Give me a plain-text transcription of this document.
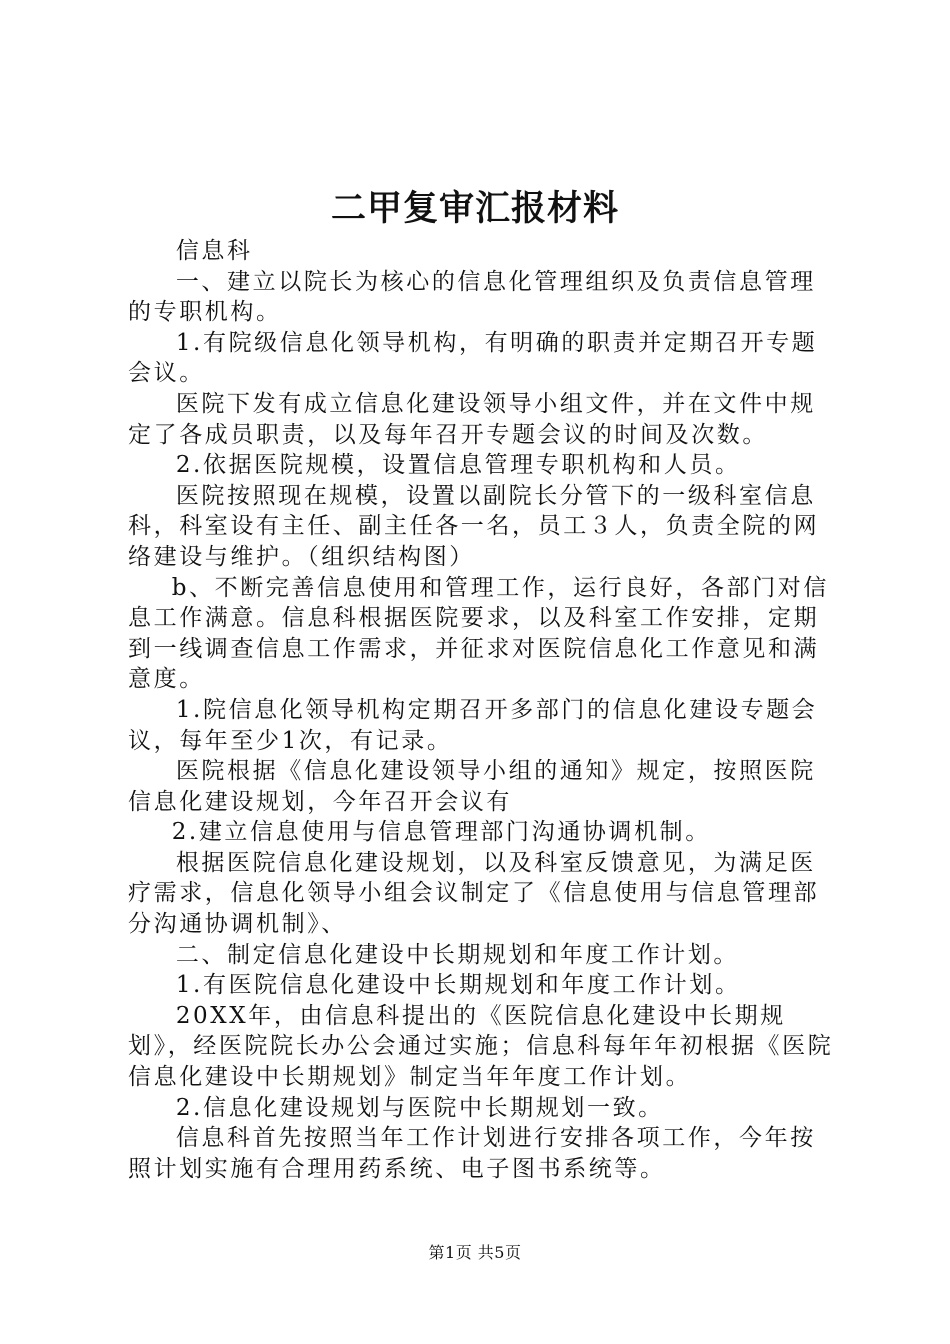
二甲复审汇报材料

信息科

一、建立以院长为核心的信息化管理组织及负责信息管理的专职机构。

1.有院级信息化领导机构，有明确的职责并定期召开专题会议。

医院下发有成立信息化建设领导小组文件，并在文件中规定了各成员职责，以及每年召开专题会议的时间及次数。

2.依据医院规模，设置信息管理专职机构和人员。

医院按照现在规模，设置以副院长分管下的一级科室信息科，科室设有主任、副主任各一名，员工３人，负责全院的网络建设与维护。（组织结构图）

b、不断完善信息使用和管理工作，运行良好，各部门对信息工作满意。信息科根据医院要求，以及科室工作安排，定期到一线调查信息工作需求，并征求对医院信息化工作意见和满意度。

1.院信息化领导机构定期召开多部门的信息化建设专题会议，每年至少1次，有记录。

医院根据《信息化建设领导小组的通知》规定，按照医院信息化建设规划，今年召开会议有

2.建立信息使用与信息管理部门沟通协调机制。

根据医院信息化建设规划，以及科室反馈意见，为满足医疗需求，信息化领导小组会议制定了《信息使用与信息管理部分沟通协调机制》、

二、制定信息化建设中长期规划和年度工作计划。

1.有医院信息化建设中长期规划和年度工作计划。

20XX年，由信息科提出的《医院信息化建设中长期规划》，经医院院长办公会通过实施；信息科每年年初根据《医院信息化建设中长期规划》制定当年年度工作计划。

2.信息化建设规划与医院中长期规划一致。

信息科首先按照当年工作计划进行安排各项工作，今年按照计划实施有合理用药系统、电子图书系统等。

第1页 共5页
